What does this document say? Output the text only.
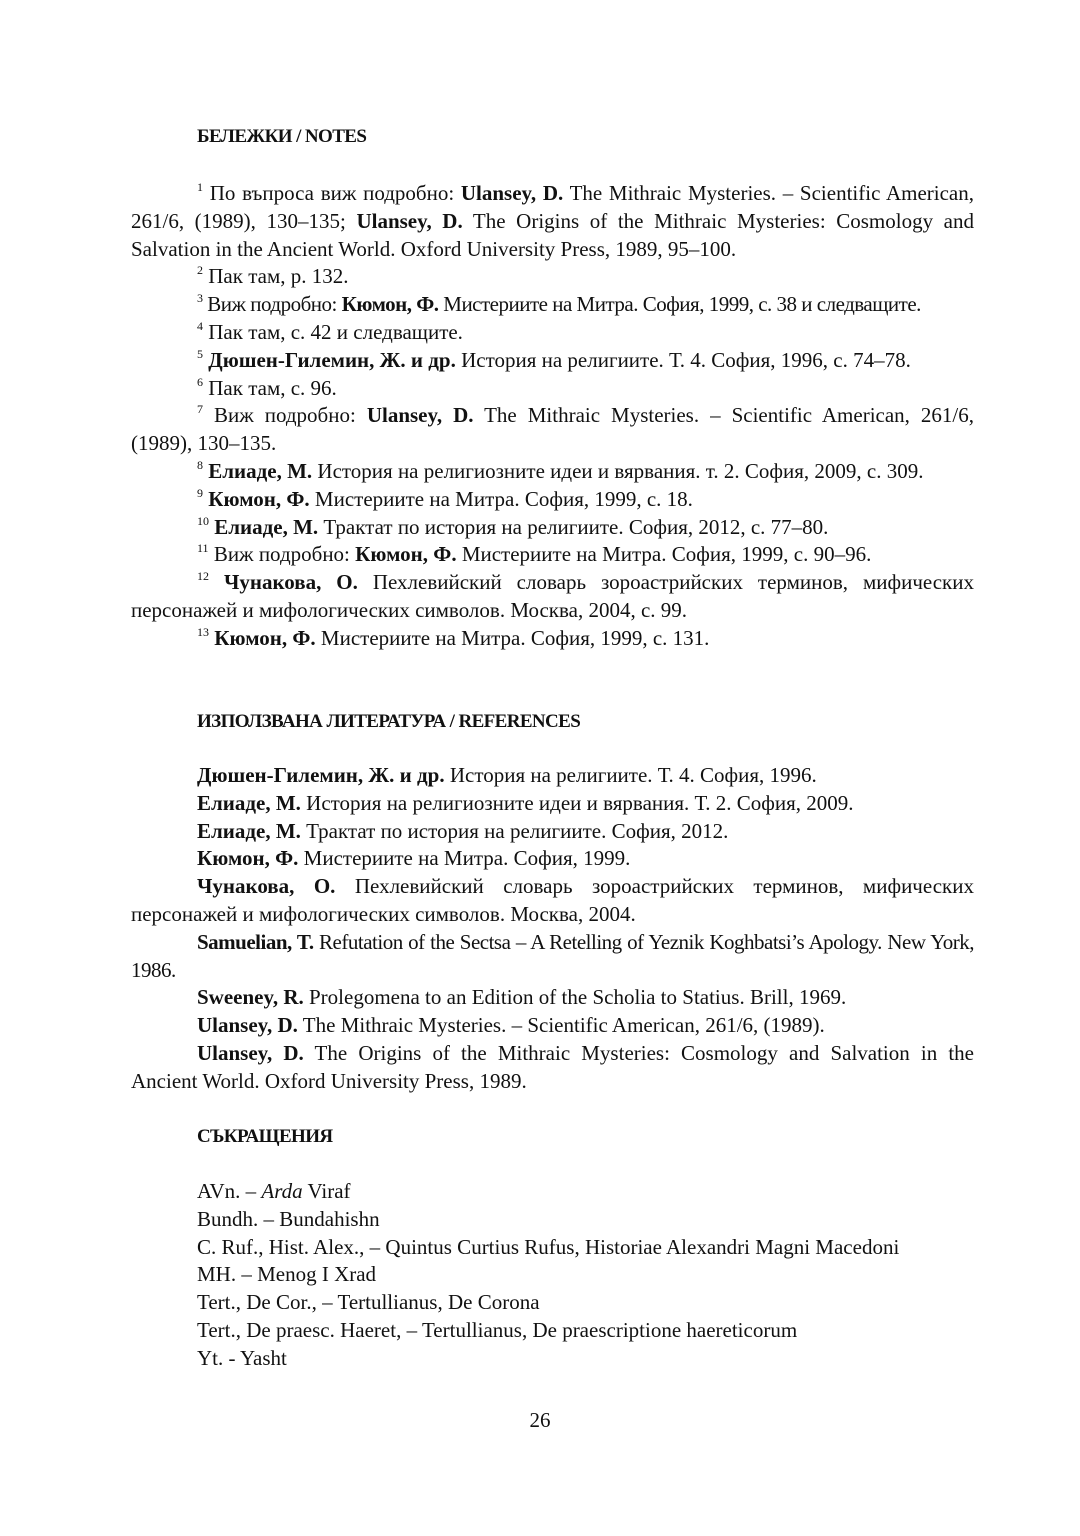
БЕЛЕЖКИ / NOTES

$^1$ По въпроса виж подробно: Ulansey, D. The Mithraic Mysteries. – Scientific American, 261/6, (1989), 130–135; Ulansey, D. The Origins of the Mithraic Mysteries: Cosmology and Salvation in the Ancient World. Oxford University Press, 1989, 95–100.

$^2$ Пак там, р. 132.

$^3$ Виж подробно: Кюмон, Ф. Мистериите на Митра. София, 1999, с. 38 и следващите.

$^4$ Пак там, с. 42 и следващите.

$^5$ Дюшен-Гилемин, Ж. и др. История на религиите. Т. 4. София, 1996, с. 74–78.

$^6$ Пак там, с. 96.

$^7$ Виж подробно: Ulansey, D. The Mithraic Mysteries. – Scientific American, 261/6, (1989), 130–135.

$^8$ Елиаде, М. История на религиозните идеи и вярвания. т. 2. София, 2009, с. 309.

$^9$ Кюмон, Ф. Мистериите на Митра. София, 1999, с. 18.

$^{10}$ Елиаде, М. Трактат по история на религиите. София, 2012, с. 77–80.

$^{11}$ Виж подробно: Кюмон, Ф. Мистериите на Митра. София, 1999, с. 90–96.

$^{12}$ Чунакова, О. Пехлевийский словарь зороастрийских терминов, мифических персонажей и мифологических символов. Москва, 2004, с. 99.

$^{13}$ Кюмон, Ф. Мистериите на Митра. София, 1999, с. 131.

ИЗПОЛЗВАНА ЛИТЕРАТУРА / REFERENCES

Дюшен-Гилемин, Ж. и др. История на религиите. Т. 4. София, 1996.

Елиаде, М. История на религиозните идеи и вярвания. Т. 2. София, 2009.

Елиаде, М. Трактат по история на религиите. София, 2012.

Кюмон, Ф. Мистериите на Митра. София, 1999.

Чунакова, О. Пехлевийский словарь зороастрийских терминов, мифических персонажей и мифологических символов. Москва, 2004.

Samuelian, T. Refutation of the Sectsa – A Retelling of Yeznik Koghbatsi’s Apology. New York, 1986.

Sweeney, R. Prolegomena to an Edition of the Scholia to Statius. Brill, 1969.

Ulansey, D. The Mithraic Mysteries. – Scientific American, 261/6, (1989).

Ulansey, D. The Origins of the Mithraic Mysteries: Cosmology and Salvation in the Ancient World. Oxford University Press, 1989.

СЪКРАЩЕНИЯ
AVn. – Arda Viraf
Bundh. – Bundahishn
C. Ruf., Hist. Alex., – Quintus Curtius Rufus, Historiae Alexandri Magni Macedoni
MH. – Menog I Xrad
Tert., De Cor., – Tertullianus, De Corona
Tert., De praesc. Haeret, – Tertullianus, De praescriptione haereticorum
Yt. - Yasht
26
